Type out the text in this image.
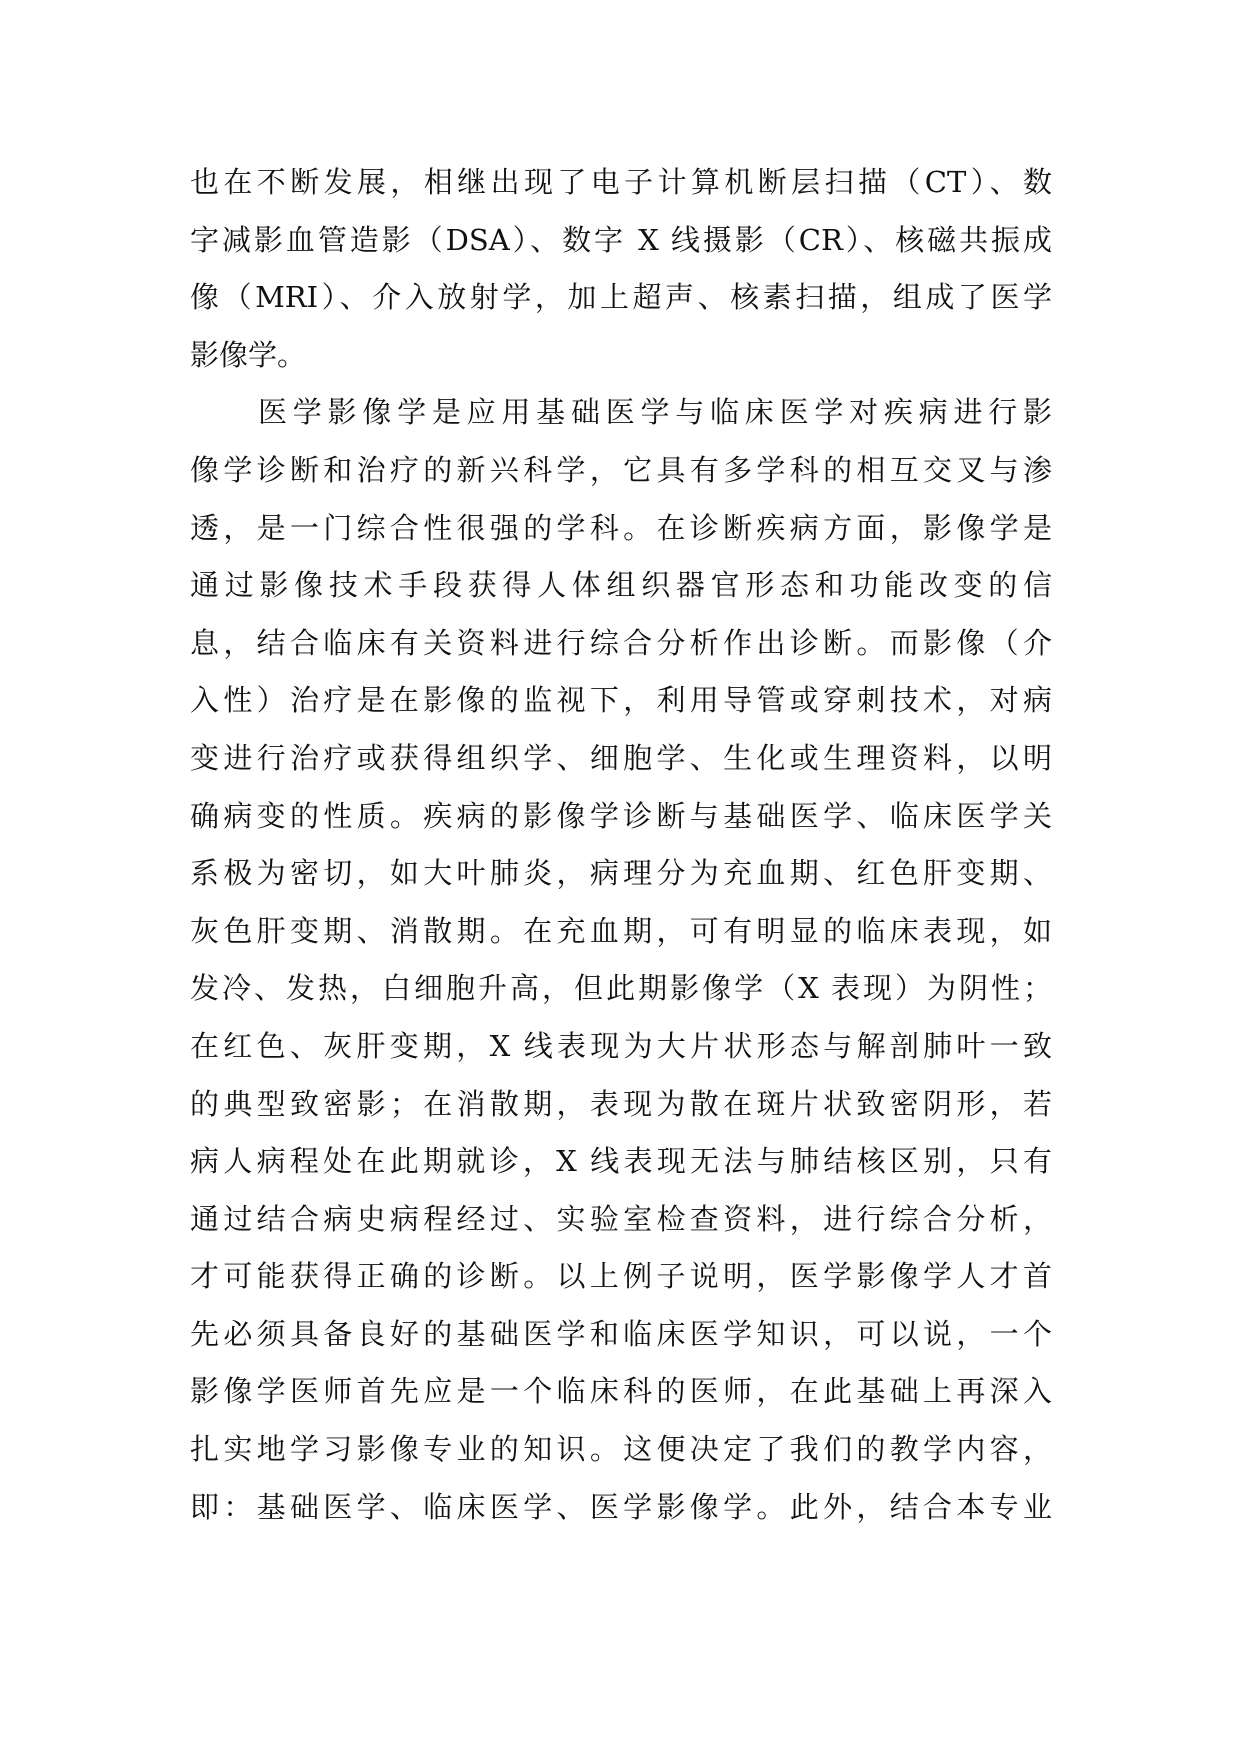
也在不断发展，相继出现了电子计算机断层扫描（CT）、数
字减影血管造影（DSA）、数字 X 线摄影（CR）、核磁共振成
像（MRI）、介入放射学，加上超声、核素扫描，组成了医学
影像学。
医学影像学是应用基础医学与临床医学对疾病进行影
像学诊断和治疗的新兴科学，它具有多学科的相互交叉与渗
透，是一门综合性很强的学科。在诊断疾病方面，影像学是
通过影像技术手段获得人体组织器官形态和功能改变的信
息，结合临床有关资料进行综合分析作出诊断。而影像（介
入性）治疗是在影像的监视下，利用导管或穿刺技术，对病
变进行治疗或获得组织学、细胞学、生化或生理资料，以明
确病变的性质。疾病的影像学诊断与基础医学、临床医学关
系极为密切，如大叶肺炎，病理分为充血期、红色肝变期、
灰色肝变期、消散期。在充血期，可有明显的临床表现，如
发冷、发热，白细胞升高，但此期影像学（X 表现）为阴性；
在红色、灰肝变期，X 线表现为大片状形态与解剖肺叶一致
的典型致密影；在消散期，表现为散在斑片状致密阴形，若
病人病程处在此期就诊，X 线表现无法与肺结核区别，只有
通过结合病史病程经过、实验室检查资料，进行综合分析，
才可能获得正确的诊断。以上例子说明，医学影像学人才首
先必须具备良好的基础医学和临床医学知识，可以说，一个
影像学医师首先应是一个临床科的医师，在此基础上再深入
扎实地学习影像专业的知识。这便决定了我们的教学内容，
即：基础医学、临床医学、医学影像学。此外，结合本专业
